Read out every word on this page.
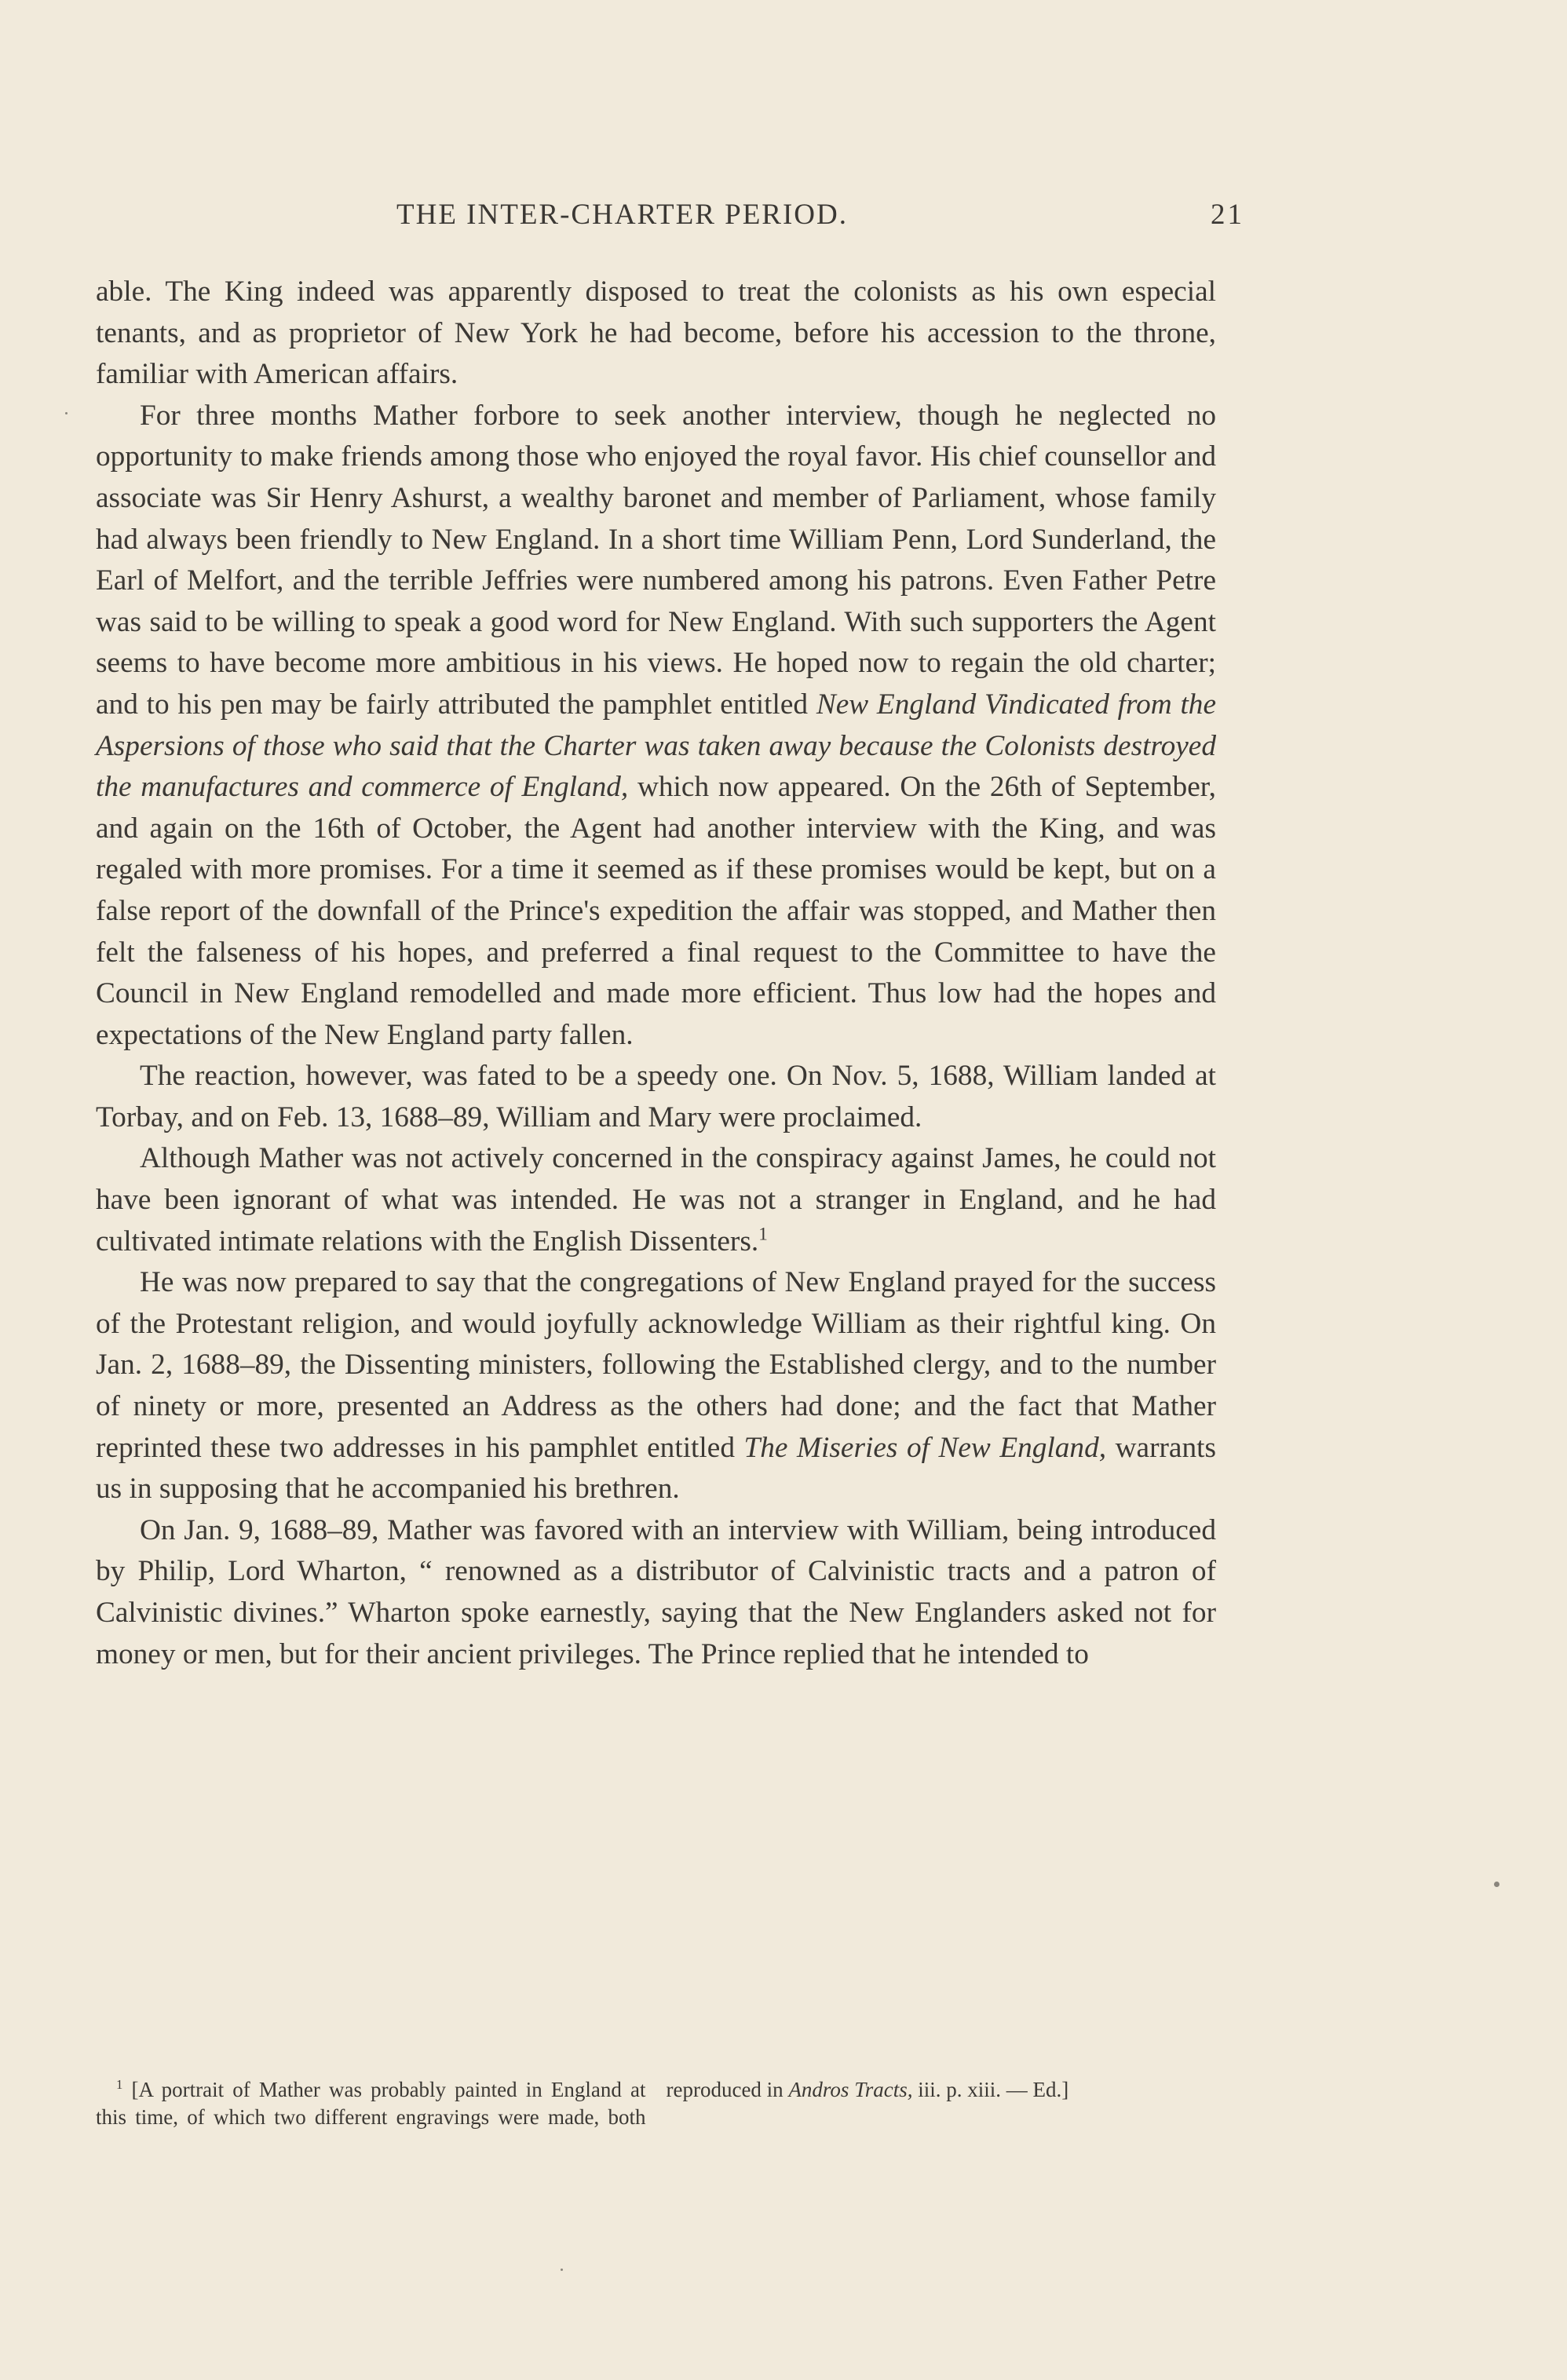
THE INTER-CHARTER PERIOD.	21

able. The King indeed was apparently disposed to treat the colonists as his own especial tenants, and as proprietor of New York he had become, before his accession to the throne, familiar with American affairs.

For three months Mather forbore to seek another interview, though he neglected no opportunity to make friends among those who enjoyed the royal favor. His chief counsellor and associate was Sir Henry Ashurst, a wealthy baronet and member of Parliament, whose family had always been friendly to New England. In a short time William Penn, Lord Sunderland, the Earl of Melfort, and the terrible Jeffries were numbered among his patrons. Even Father Petre was said to be willing to speak a good word for New England. With such supporters the Agent seems to have become more ambitious in his views. He hoped now to regain the old charter; and to his pen may be fairly attributed the pamphlet entitled New England Vindicated from the Aspersions of those who said that the Charter was taken away because the Colonists destroyed the manufactures and commerce of England, which now appeared. On the 26th of September, and again on the 16th of October, the Agent had another interview with the King, and was regaled with more promises. For a time it seemed as if these promises would be kept, but on a false report of the downfall of the Prince's expedition the affair was stopped, and Mather then felt the falseness of his hopes, and preferred a final request to the Committee to have the Council in New England remodelled and made more efficient. Thus low had the hopes and expectations of the New England party fallen.

The reaction, however, was fated to be a speedy one. On Nov. 5, 1688, William landed at Torbay, and on Feb. 13, 1688–89, William and Mary were proclaimed.

Although Mather was not actively concerned in the conspiracy against James, he could not have been ignorant of what was intended. He was not a stranger in England, and he had cultivated intimate relations with the English Dissenters.$^1$

He was now prepared to say that the congregations of New England prayed for the success of the Protestant religion, and would joyfully acknowledge William as their rightful king. On Jan. 2, 1688–89, the Dissenting ministers, following the Established clergy, and to the number of ninety or more, presented an Address as the others had done; and the fact that Mather reprinted these two addresses in his pamphlet entitled The Miseries of New England, warrants us in supposing that he accompanied his brethren.

On Jan. 9, 1688–89, Mather was favored with an interview with William, being introduced by Philip, Lord Wharton, “ renowned as a distributor of Calvinistic tracts and a patron of Calvinistic divines.” Wharton spoke earnestly, saying that the New Englanders asked not for money or men, but for their ancient privileges. The Prince replied that he intended to

$^1$ [A portrait of Mather was probably painted in England at this time, of which two different engravings were made, both reproduced in Andros Tracts, iii. p. xiii. — Ed.]
